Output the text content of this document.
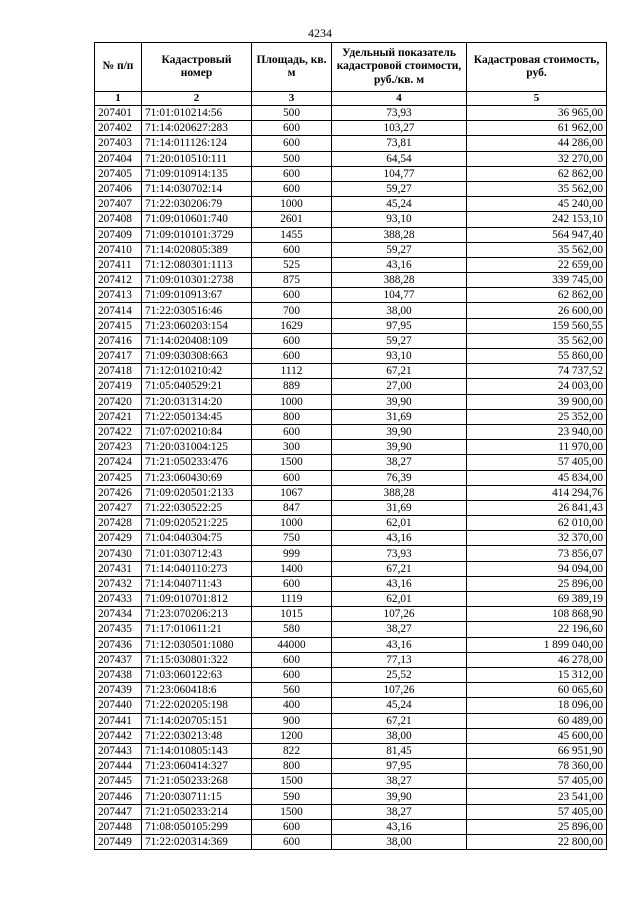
4234
№ п/п	Кадастровый номер	Площадь, кв. м	Удельный показатель кадастровой стоимости, руб./кв. м	Кадастровая стоимость, руб.
1	2	3	4	5
207401	71:01:010214:56	500	73,93	36 965,00
207402	71:14:020627:283	600	103,27	61 962,00
207403	71:14:011126:124	600	73,81	44 286,00
207404	71:20:010510:111	500	64,54	32 270,00
207405	71:09:010914:135	600	104,77	62 862,00
207406	71:14:030702:14	600	59,27	35 562,00
207407	71:22:030206:79	1000	45,24	45 240,00
207408	71:09:010601:740	2601	93,10	242 153,10
207409	71:09:010101:3729	1455	388,28	564 947,40
207410	71:14:020805:389	600	59,27	35 562,00
207411	71:12:080301:1113	525	43,16	22 659,00
207412	71:09:010301:2738	875	388,28	339 745,00
207413	71:09:010913:67	600	104,77	62 862,00
207414	71:22:030516:46	700	38,00	26 600,00
207415	71:23:060203:154	1629	97,95	159 560,55
207416	71:14:020408:109	600	59,27	35 562,00
207417	71:09:030308:663	600	93,10	55 860,00
207418	71:12:010210:42	1112	67,21	74 737,52
207419	71:05:040529:21	889	27,00	24 003,00
207420	71:20:031314:20	1000	39,90	39 900,00
207421	71:22:050134:45	800	31,69	25 352,00
207422	71:07:020210:84	600	39,90	23 940,00
207423	71:20:031004:125	300	39,90	11 970,00
207424	71:21:050233:476	1500	38,27	57 405,00
207425	71:23:060430:69	600	76,39	45 834,00
207426	71:09:020501:2133	1067	388,28	414 294,76
207427	71:22:030522:25	847	31,69	26 841,43
207428	71:09:020521:225	1000	62,01	62 010,00
207429	71:04:040304:75	750	43,16	32 370,00
207430	71:01:030712:43	999	73,93	73 856,07
207431	71:14:040110:273	1400	67,21	94 094,00
207432	71:14:040711:43	600	43,16	25 896,00
207433	71:09:010701:812	1119	62,01	69 389,19
207434	71:23:070206:213	1015	107,26	108 868,90
207435	71:17:010611:21	580	38,27	22 196,60
207436	71:12:030501:1080	44000	43,16	1 899 040,00
207437	71:15:030801:322	600	77,13	46 278,00
207438	71:03:060122:63	600	25,52	15 312,00
207439	71:23:060418:6	560	107,26	60 065,60
207440	71:22:020205:198	400	45,24	18 096,00
207441	71:14:020705:151	900	67,21	60 489,00
207442	71:22:030213:48	1200	38,00	45 600,00
207443	71:14:010805:143	822	81,45	66 951,90
207444	71:23:060414:327	800	97,95	78 360,00
207445	71:21:050233:268	1500	38,27	57 405,00
207446	71:20:030711:15	590	39,90	23 541,00
207447	71:21:050233:214	1500	38,27	57 405,00
207448	71:08:050105:299	600	43,16	25 896,00
207449	71:22:020314:369	600	38,00	22 800,00
